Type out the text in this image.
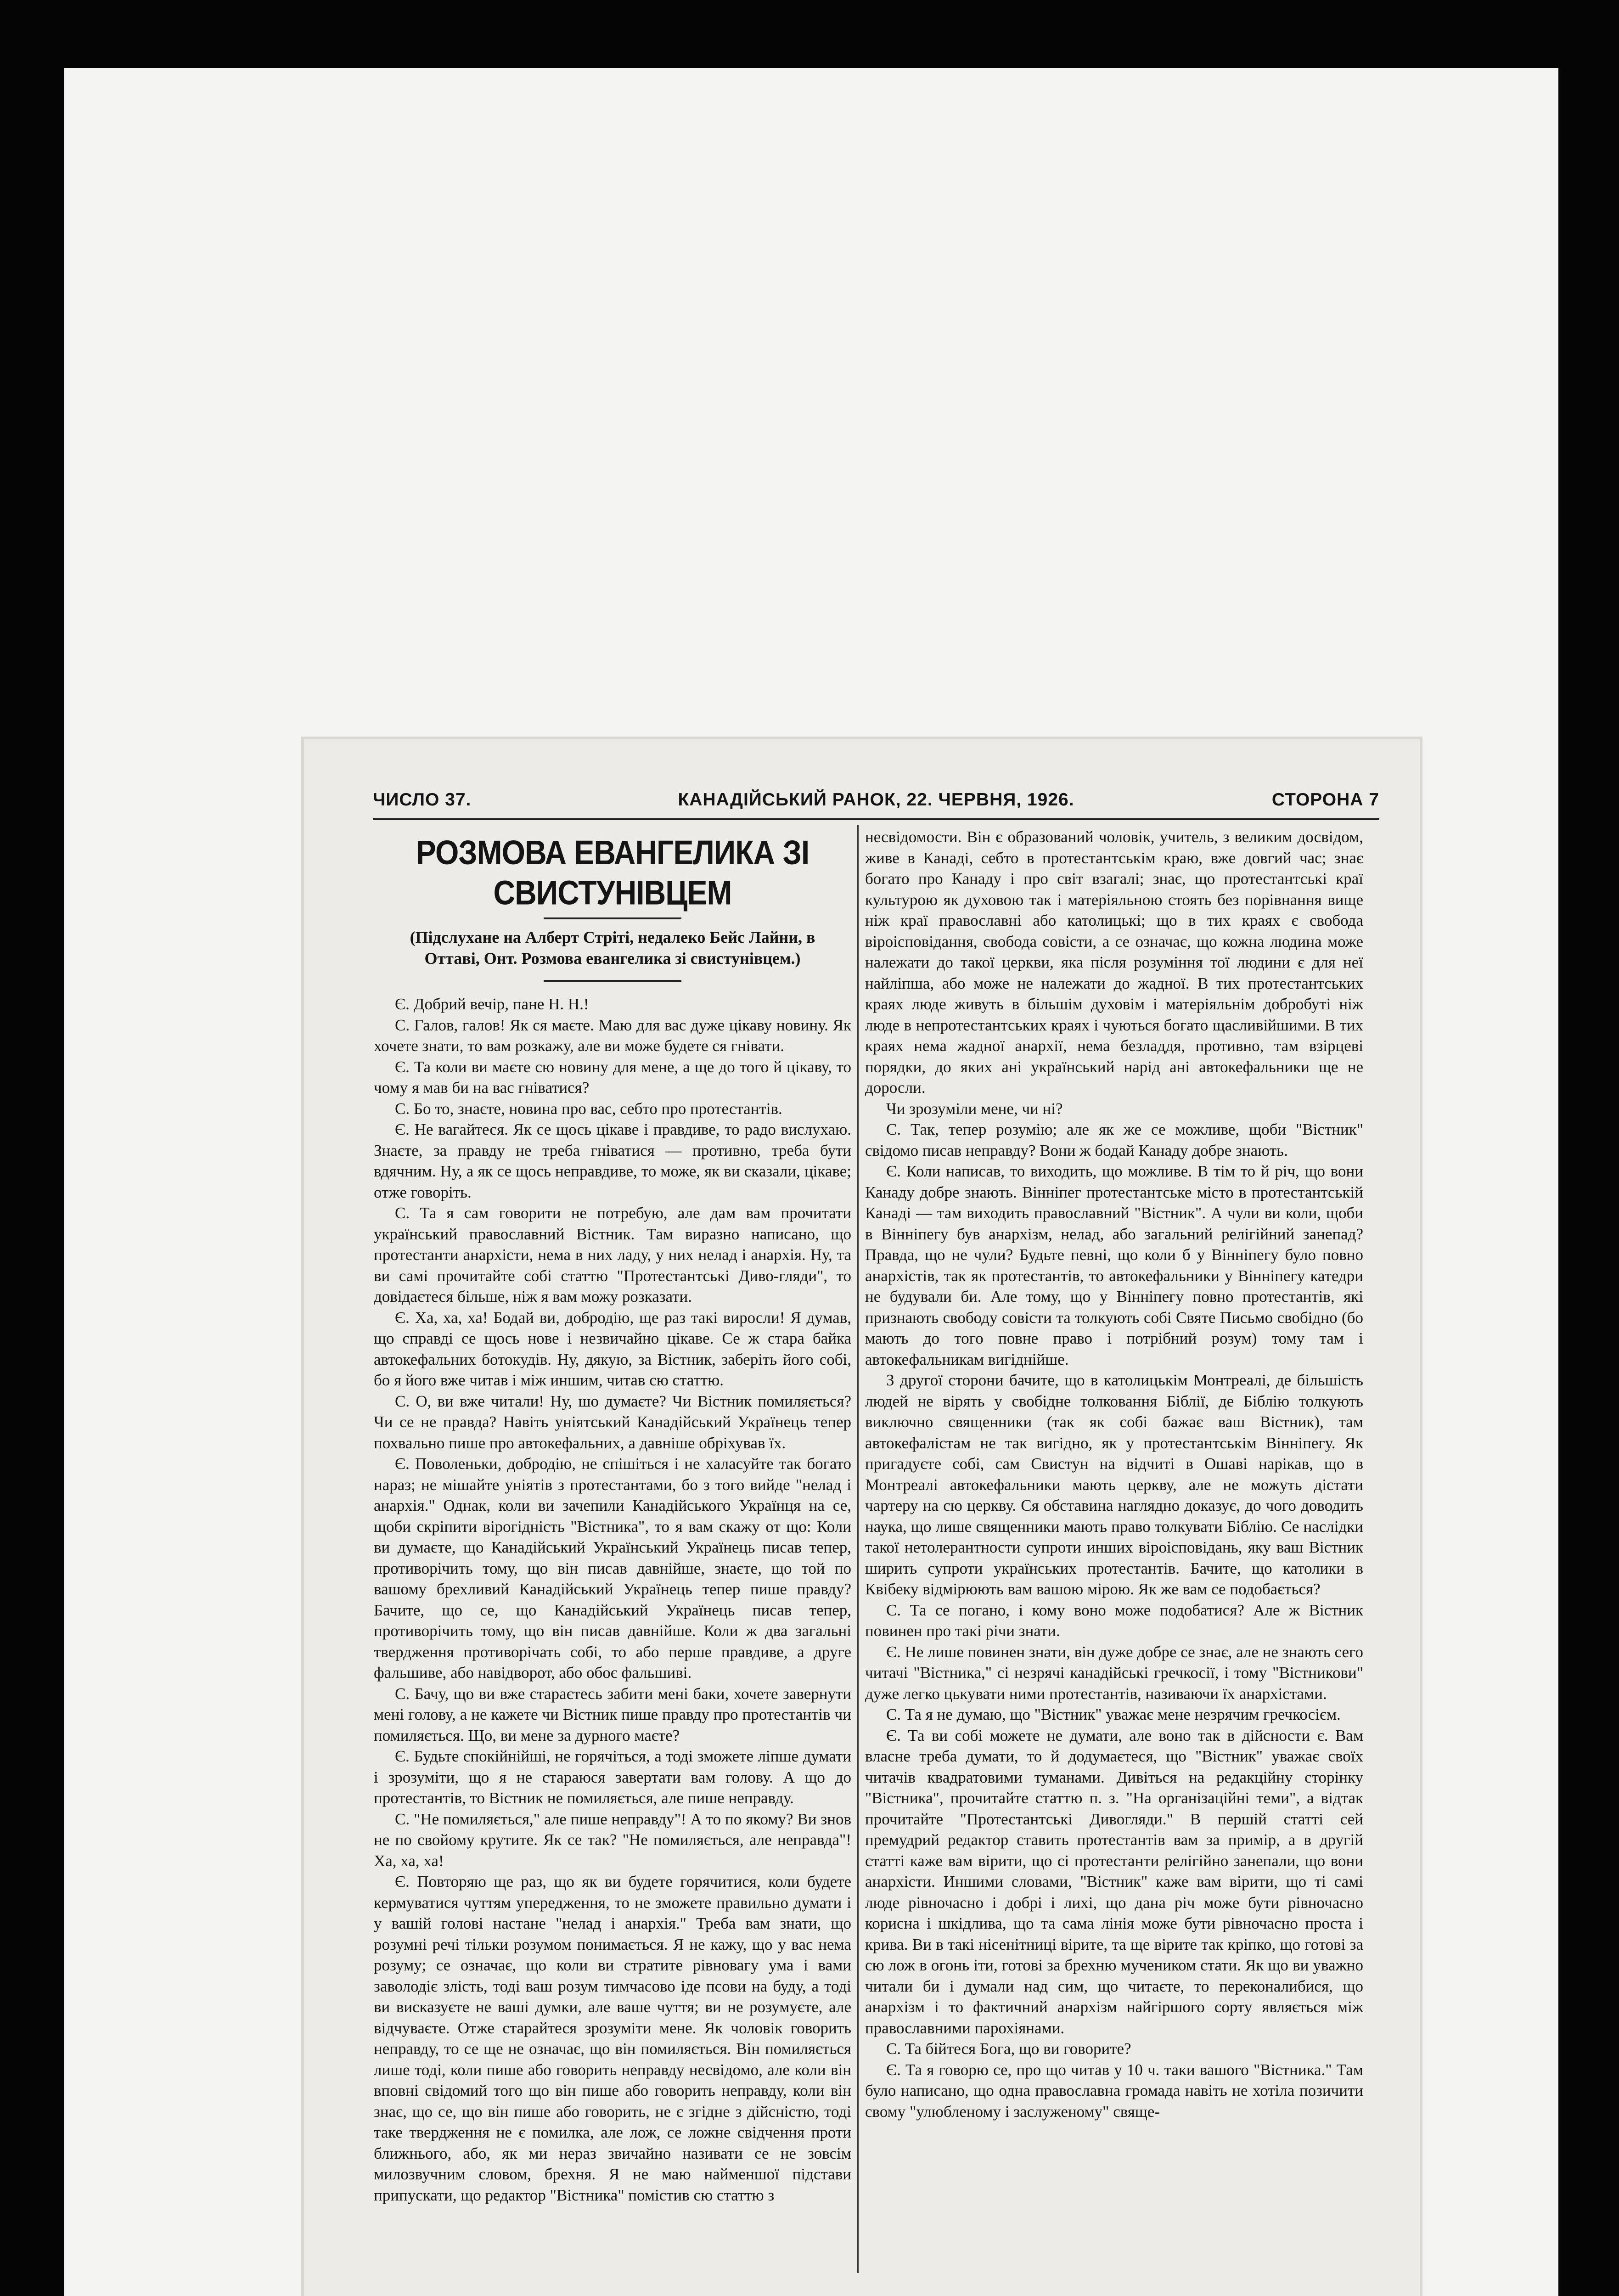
ЧИСЛО 37.	КАНАДІЙСЬКИЙ РАНОК, 22. ЧЕРВНЯ, 1926.	СТОРОНА 7
РОЗМОВА ЕВАНГЕЛИКА ЗІ СВИСТУНІВЦЕМ
(Підслухане на Алберт Стріті, недалеко Бейс Лайни, в Оттаві, Онт. Розмова евангелика зі свистунівцем.)

Є. Добрий вечір, пане Н. Н.!

С. Галов, галов! Як ся маєте. Маю для вас дуже цікаву новину. Як хочете знати, то вам розкажу, але ви може будете ся гнівати.

Є. Та коли ви маєте сю новину для мене, а ще до того й цікаву, то чому я мав би на вас гніватися?

С. Бо то, знаєте, новина про вас, себто про протестантів.

Є. Не вагайтеся. Як се щось цікаве і правдиве, то радо вислухаю. Знаєте, за правду не треба гніватися — противно, треба бути вдячним. Ну, а як се щось неправдиве, то може, як ви сказали, цікаве; отже говоріть.

С. Та я сам говорити не потребую, але дам вам прочитати український православний Вістник. Там виразно написано, що протестанти анархісти, нема в них ладу, у них нелад і анархія. Ну, та ви самі прочитайте собі статтю "Протестантські Диво-гляди", то довідаєтеся більше, ніж я вам можу розказати.

Є. Ха, ха, ха! Бодай ви, добродію, ще раз такі виросли! Я думав, що справді се щось нове і незвичайно цікаве. Се ж стара байка автокефальних ботокудів. Ну, дякую, за Вістник, заберіть його собі, бо я його вже читав і між иншим, читав сю статтю.

С. О, ви вже читали! Ну, шо думаєте? Чи Вістник помиляється? Чи се не правда? Навіть уніятський Канадійський Українець тепер похвально пише про автокефальних, а давніше обріхував їх.

Є. Поволеньки, добродію, не спішіться і не халасуйте так богато нараз; не мішайте уніятів з протестантами, бо з того вийде "нелад і анархія." Однак, коли ви зачепили Канадійського Українця на се, щоби скріпити вірогідність "Вістника", то я вам скажу от що: Коли ви думаєте, що Канадійський Український Українець писав тепер, противорічить тому, що він писав давнійше, знаєте, що той по вашому брехливий Канадійський Українець тепер пише правду? Бачите, що се, що Канадійський Українець писав тепер, противорічить тому, що він писав давнійше. Коли ж два загальні твердження противорічать собі, то або перше правдиве, а друге фальшиве, або навідворот, або обоє фальшиві.

С. Бачу, що ви вже стараєтесь забити мені баки, хочете завернути мені голову, а не кажете чи Вістник пише правду про протестантів чи помиляється. Що, ви мене за дурного маєте?

Є. Будьте спокійнійші, не горячіться, а тоді зможете ліпше думати і зрозуміти, що я не стараюся завертати вам голову. А що до протестантів, то Вістник не помиляється, але пише неправду.

С. "Не помиляється," але пише неправду"! А то по якому? Ви знов не по свойому крутите. Як се так? "Не помиляється, але неправда"! Ха, ха, ха!

Є. Повторяю ще раз, що як ви будете горячитися, коли будете кермуватися чуттям упередження, то не зможете правильно думати і у вашій голові настане "нелад і анархія." Треба вам знати, що розумні речі тільки розумом понимається. Я не кажу, що у вас нема розуму; се означає, що коли ви стратите рівновагу ума і вами заволодіє злість, тоді ваш розум тимчасово іде псови на буду, а тоді ви висказуєте не ваші думки, але ваше чуття; ви не розумуєте, але відчуваєте. Отже старайтеся зрозуміти мене. Як чоловік говорить неправду, то се ще не означає, що він помиляється. Він помиляється лише тоді, коли пише або говорить неправду несвідомо, але коли він вповні свідомий того що він пише або говорить неправду, коли він знає, що се, що він пише або говорить, не є згідне з дійсністю, тоді таке твердження не є помилка, але лож, се ложне свідчення проти ближнього, або, як ми нераз звичайно називати се не зовсім милозвучним словом, брехня. Я не маю найменшої підстави припускати, що редактор "Вістника" помістив сю статтю з

несвідомости. Він є образований чоловік, учитель, з великим досвідом, живе в Канаді, себто в протестантськім краю, вже довгий час; знає богато про Канаду і про світ взагалі; знає, що протестантські краї культурою як духовою так і матеріяльною стоять без порівнання вище ніж краї православні або католицькі; що в тих краях є свобода віроісповідання, свобода совісти, а се означає, що кожна людина може належати до такої церкви, яка після розуміння тої людини є для неї найліпша, або може не належати до жадної. В тих протестантських краях люде живуть в більшім духовім і матеріяльнім добробуті ніж люде в непротестантських краях і чуються богато щасливійшими. В тих краях нема жадної анархії, нема безладдя, противно, там взірцеві порядки, до яких ані український нарід ані автокефальники ще не доросли.

Чи зрозуміли мене, чи ні?

С. Так, тепер розумію; але як же се можливе, щоби "Вістник" свідомо писав неправду? Вони ж бодай Канаду добре знають.

Є. Коли написав, то виходить, що можливе. В тім то й річ, що вони Канаду добре знають. Вінніпег протестантське місто в протестантській Канаді — там виходить православний "Вістник". А чули ви коли, щоби в Вінніпегу був анархізм, нелад, або загальний релігійний занепад? Правда, що не чули? Будьте певні, що коли б у Вінніпегу було повно анархістів, так як протестантів, то автокефальники у Вінніпегу катедри не будували би. Але тому, що у Вінніпегу повно протестантів, які признають свободу совісти та толкують собі Святе Письмо свобідно (бо мають до того повне право і потрібний розум) тому там і автокефальникам вигіднійше.

З другої сторони бачите, що в католицькім Монтреалі, де більшість людей не вірять у свобідне толковання Біблії, де Біблію толкують виключно священники (так як собі бажає ваш Вістник), там автокефалістам не так вигідно, як у протестантськім Вінніпегу. Як пригадуєте собі, сам Свистун на відчиті в Ошаві нарікав, що в Монтреалі автокефальники мають церкву, але не можуть дістати чартеру на сю церкву. Ся обставина наглядно доказує, до чого доводить наука, що лише священники мають право толкувати Біблію. Се наслідки такої нетолерантности супроти инших віроісповідань, яку ваш Вістник ширить супроти українських протестантів. Бачите, що католики в Квібеку відмірюють вам вашою мірою. Як же вам се подобається?

С. Та се погано, і кому воно може подобатися? Але ж Вістник повинен про такі річи знати.

Є. Не лише повинен знати, він дуже добре се знає, але не знають сего читачі "Вістника," сі незрячі канадійські гречкосії, і тому "Вістникови" дуже легко цькувати ними протестантів, називаючи їх анархістами.

С. Та я не думаю, що "Вістник" уважає мене незрячим гречкосієм.

Є. Та ви собі можете не думати, але воно так в дійсности є. Вам власне треба думати, то й додумаєтеся, що "Вістник" уважає своїх читачів квадратовими туманами. Дивіться на редакційну сторінку "Вістника", прочитайте статтю п. з. "На організаційні теми", а відтак прочитайте "Протестантські Дивогляди." В першій статті сей премудрий редактор ставить протестантів вам за примір, а в другій статті каже вам вірити, що сі протестанти релігійно занепали, що вони анархісти. Иншими словами, "Вістник" каже вам вірити, що ті самі люде рівночасно і добрі і лихі, що дана річ може бути рівночасно корисна і шкідлива, що та сама лінія може бути рівночасно проста і крива. Ви в такі нісенітниці вірите, та ще вірите так кріпко, що готові за сю лож в огонь іти, готові за брехню мучеником стати. Як що ви уважно читали би і думали над сим, що читаєте, то переконалибися, що анархізм і то фактичний анархізм найгіршого сорту являється між православними парохіянами.

С. Та бійтеся Бога, що ви говорите?

Є. Та я говорю се, про що читав у 10 ч. таки вашого "Вістника." Там було написано, що одна православна громада навіть не хотіла позичити свому "улюбленому і заслуженому" свяще-
